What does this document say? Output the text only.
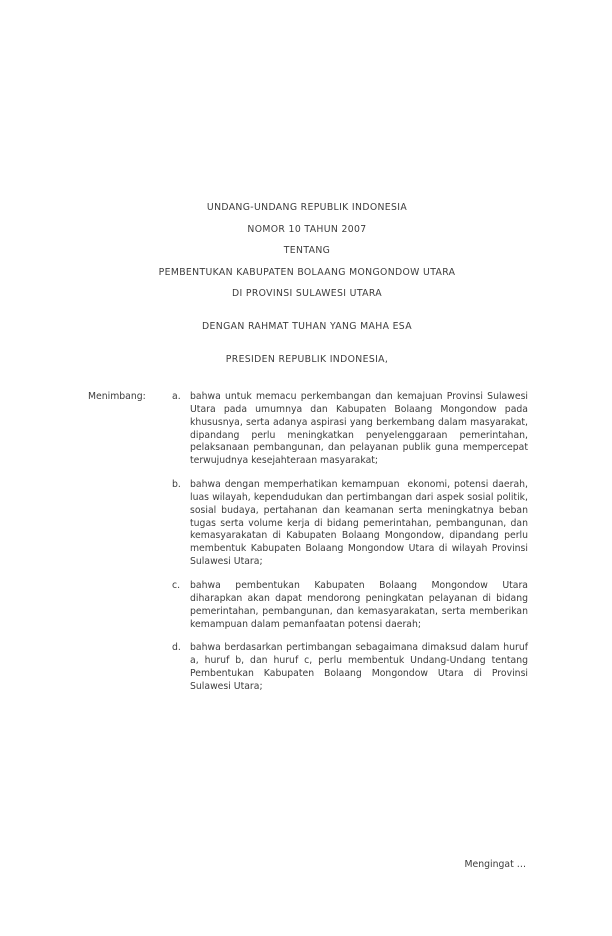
UNDANG-UNDANG REPUBLIK INDONESIA
NOMOR 10 TAHUN 2007
TENTANG
PEMBENTUKAN KABUPATEN BOLAANG MONGONDOW UTARA
DI PROVINSI SULAWESI UTARA
DENGAN RAHMAT TUHAN YANG MAHA ESA
PRESIDEN REPUBLIK INDONESIA,
Menimbang:	a. bahwa untuk memacu perkembangan dan kemajuan Provinsi Sulawesi Utara pada umumnya dan Kabupaten Bolaang Mongondow pada khususnya, serta adanya aspirasi yang berkembang dalam masyarakat, dipandang perlu meningkatkan penyelenggaraan pemerintahan, pelaksanaan pembangunan, dan pelayanan publik guna mempercepat terwujudnya kesejahteraan masyarakat;
b. bahwa dengan memperhatikan kemampuan  ekonomi, potensi daerah, luas wilayah, kependudukan dan pertimbangan dari aspek sosial politik, sosial budaya, pertahanan dan keamanan serta meningkatnya beban tugas serta volume kerja di bidang pemerintahan, pembangunan, dan kemasyarakatan di Kabupaten Bolaang Mongondow, dipandang perlu membentuk Kabupaten Bolaang Mongondow Utara di wilayah Provinsi Sulawesi Utara;
c. bahwa pembentukan Kabupaten Bolaang Mongondow Utara  diharapkan akan dapat mendorong peningkatan pelayanan di bidang pemerintahan, pembangunan, dan kemasyarakatan, serta memberikan kemampuan dalam pemanfaatan potensi daerah;
d. bahwa berdasarkan pertimbangan sebagaimana dimaksud dalam huruf a, huruf b, dan huruf c, perlu membentuk Undang-Undang tentang Pembentukan Kabupaten Bolaang Mongondow Utara di Provinsi Sulawesi Utara;
Mengingat …
